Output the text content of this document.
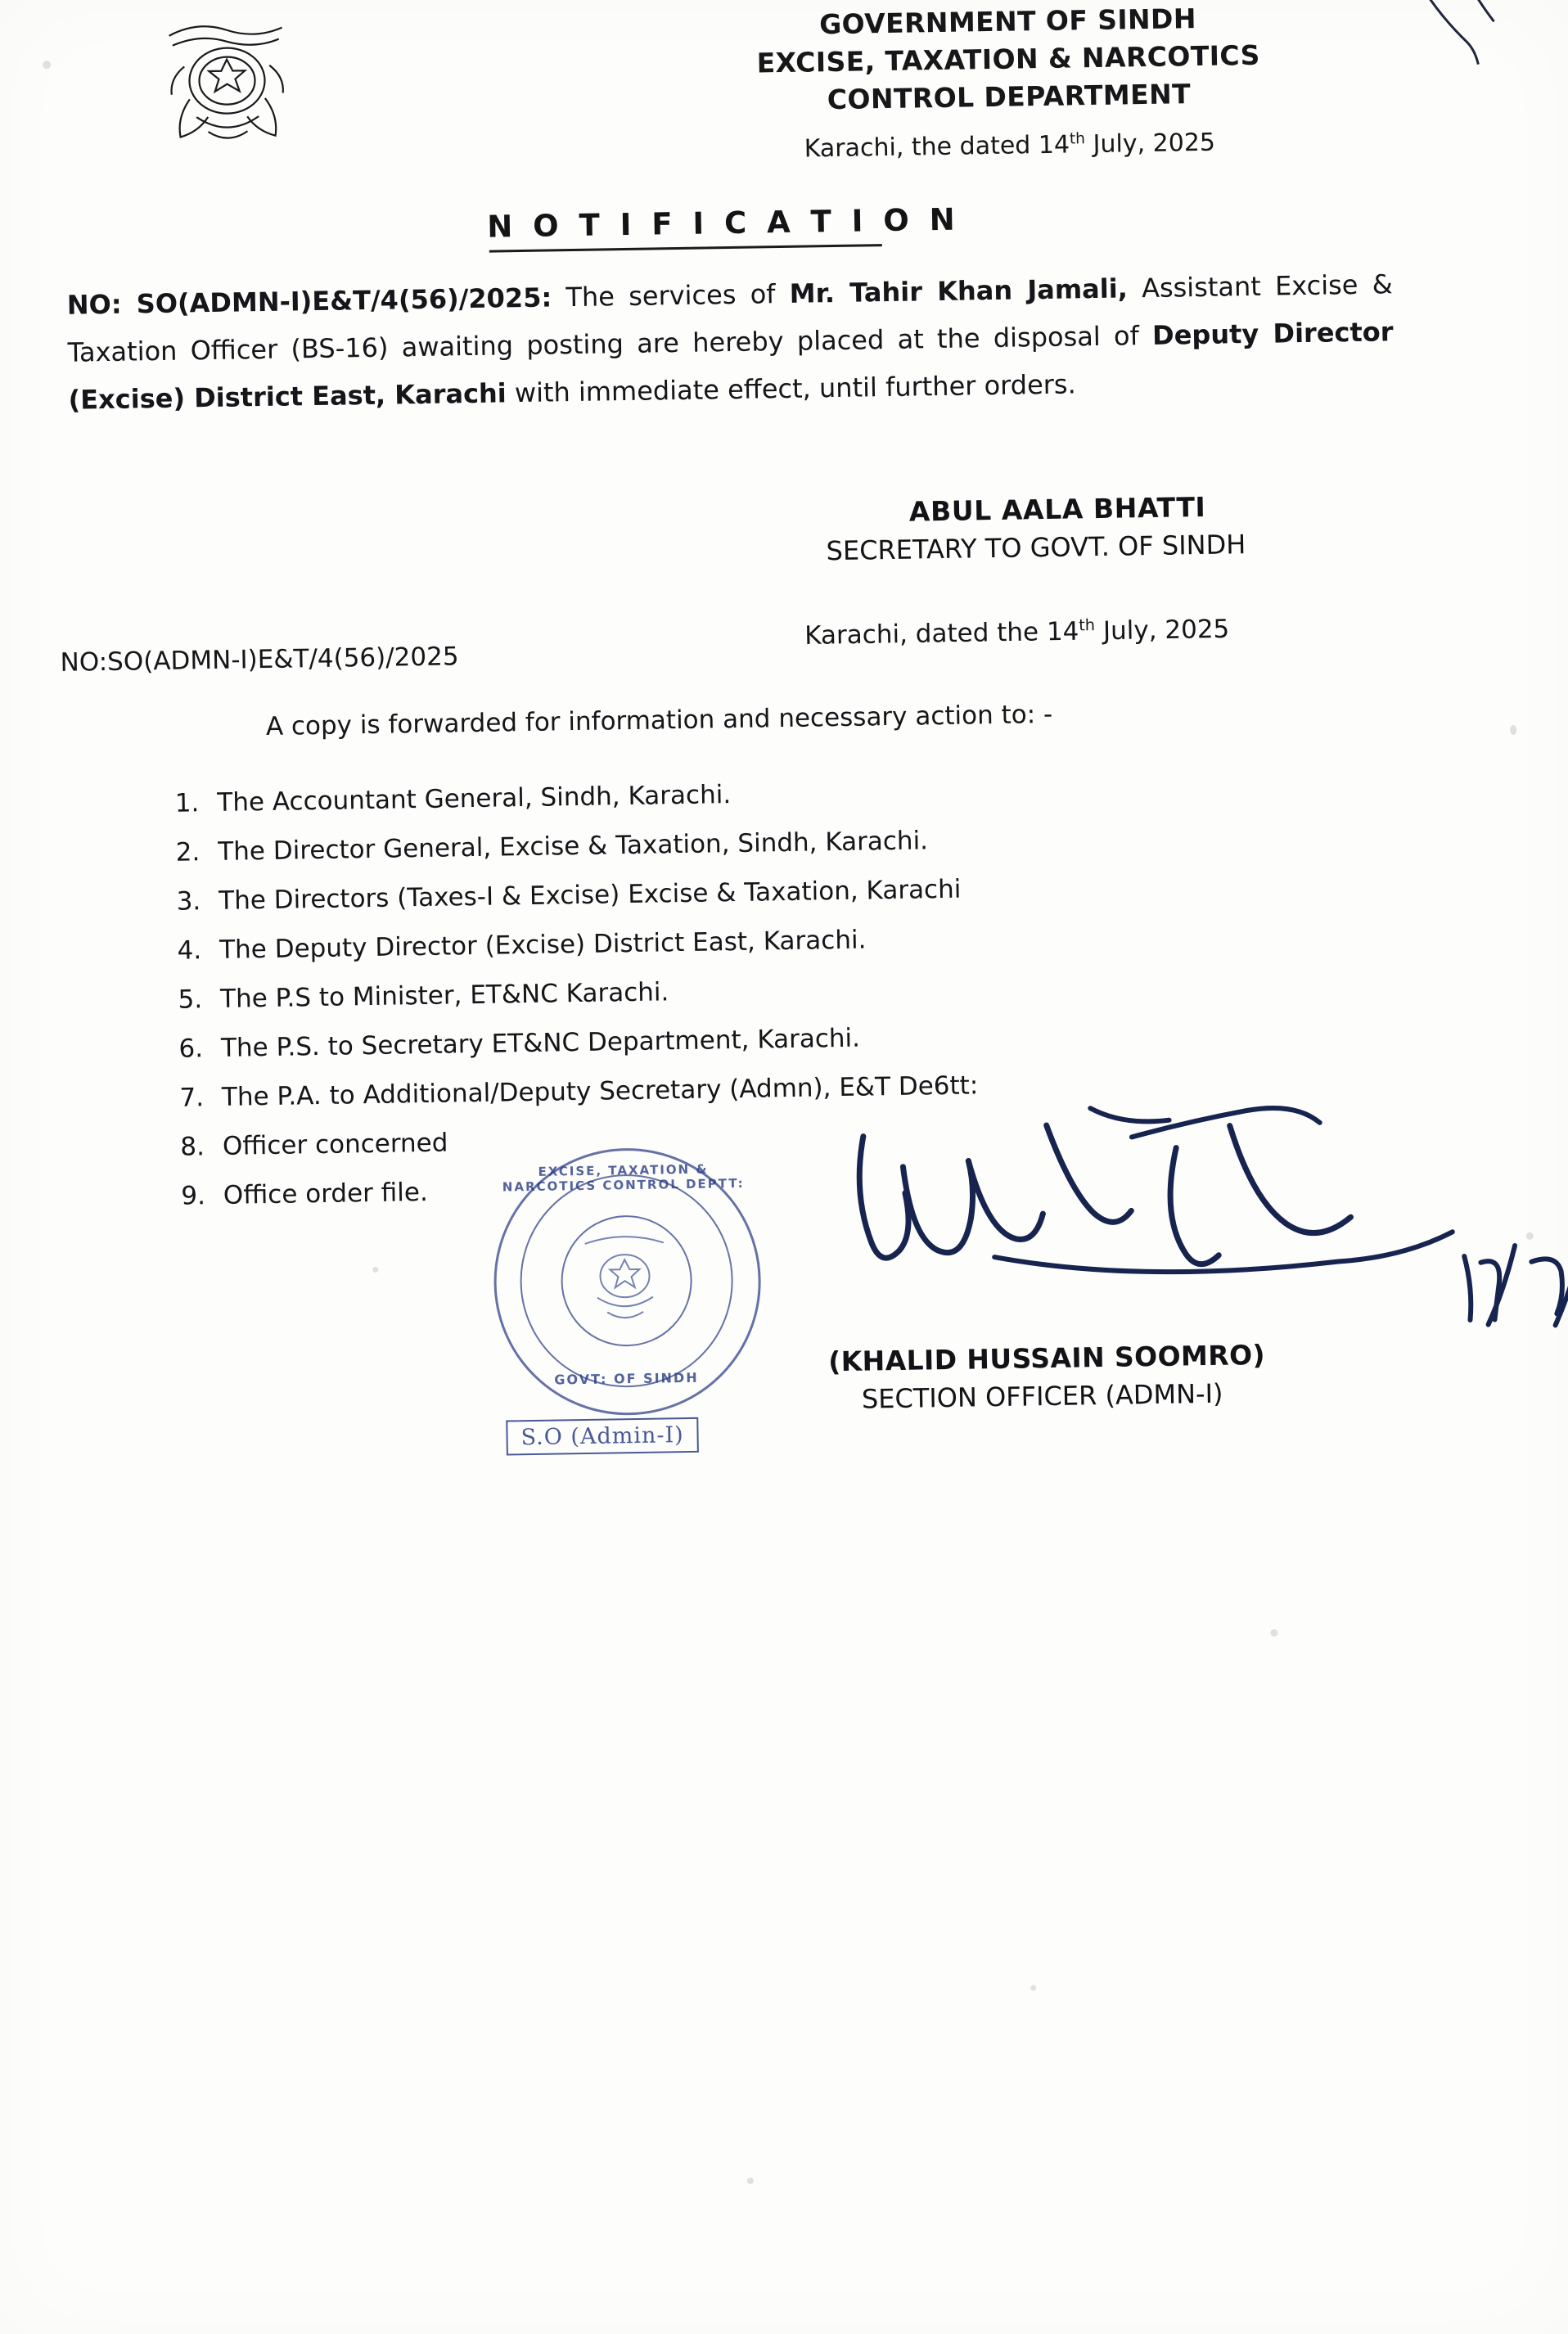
GOVERNMENT OF SINDH
EXCISE, TAXATION & NARCOTICS
CONTROL DEPARTMENT
Karachi, the dated 14th July, 2025
N O T I F I C A T I O N
NO: SO(ADMN-I)E&T/4(56)/2025: The services of Mr. Tahir Khan Jamali, Assistant Excise & Taxation Officer (BS-16) awaiting posting are hereby placed at the disposal of Deputy Director (Excise) District East, Karachi with immediate effect, until further orders.
ABUL AALA BHATTI
SECRETARY TO GOVT. OF SINDH
NO:SO(ADMN-I)E&T/4(56)/2025
Karachi, dated the 14th July, 2025
A copy is forwarded for information and necessary action to: -
1. The Accountant General, Sindh, Karachi.
2. The Director General, Excise & Taxation, Sindh, Karachi.
3. The Directors (Taxes-I & Excise) Excise & Taxation, Karachi
4. The Deputy Director (Excise) District East, Karachi.
5. The P.S to Minister, ET&NC Karachi.
6. The P.S. to Secretary ET&NC Department, Karachi.
7. The P.A. to Additional/Deputy Secretary (Admn), E&T De6tt:
8. Officer concerned
9. Office order file.
EXCISE, TAXATION & NARCOTICS CONTROL DEPTT:
GOVT: OF SINDH
S.O (Admin-I)
(KHALID HUSSAIN SOOMRO)
SECTION OFFICER (ADMN-I)
